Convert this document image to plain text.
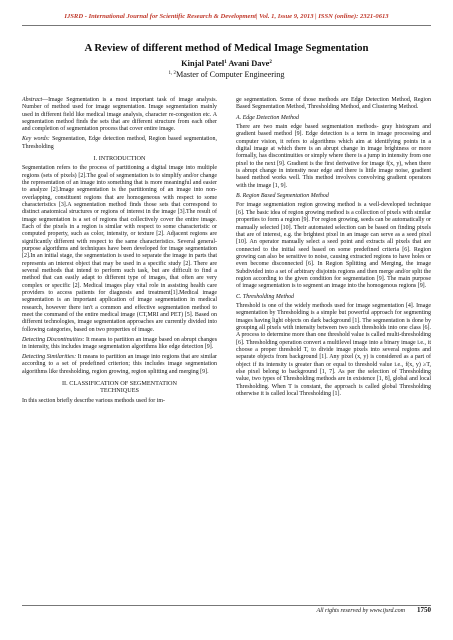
IJSRD - International Journal for Scientific Research & Development| Vol. 1, Issue 9, 2013 | ISSN (online): 2321-0613
A Review of different method of Medical Image Segmentation
Kinjal Patel$^1$ Avani Dave$^2$
$^{1, 2}$Master of Computer Engineering

Abstract—Image Segmentation is a most important task of image analysis. Number of method used for image segmentation. Image segmentation mainly used in different field like medical image analysis, character re-congestion etc. A segmentation method finds the sets that are different structure from each other and completion of segmentation process that cover entire image.

Key words: Segmentation, Edge detection method, Region based segmentation, Thresholding

I. INTRODUCTION

Segmentation refers to the process of partitioning a digital image into multiple regions (sets of pixels) [2].The goal of segmentation is to simplify and/or change the representation of an image into something that is more meaningful and easier to analyze [2].Image segmentation is the partitioning of an image into non-overlapping, constituent regions that are homogeneous with respect to some characteristics [3].A segmentation method finds those sets that correspond to distinct anatomical structures or regions of interest in the image [3].The result of image segmentation is a set of regions that collectively cover the entire image. Each of the pixels in a region is similar with respect to some characteristic or computed property, such as color, intensity, or texture [2]. Adjacent regions are significantly different with respect to the same characteristics. Several general-purpose algorithms and techniques have been developed for image segmentation [2].In an initial stage, the segmentation is used to separate the image in parts that represents an interest object that may be used in a specific study [2]. There are several methods that intend to perform such task, but are difficult to find a method that can easily adapt to different type of images, that often are very complex or specific [2]. Medical images play vital role in assisting health care providers to access patients for diagnosis and treatment[1].Medical image segmentation is an important application of image segmentation in medical research, however there isn't a common and effective segmentation method to meet the command of the entire medical image (CT,MRI and PET) [5]. Based on different technologies, image segmentation approaches are currently divided into following categories, based on two properties of image.

Detecting Discontinuities: It means to partition an image based on abrupt changes in intensity, this includes image segmentation algorithms like edge detection [9].

Detecting Similarities: It means to partition an image into regions that are similar according to a set of predefined criterion; this includes image segmentation algorithms like thresholding, region growing, region splitting and merging [9].

II. CLASSIFICATION OF SEGMENTATION
TECHNIQUES

In this section briefly describe various methods used for im-

ge segmentation. Some of those methods are Edge Detection Method, Region Based Segmentation Method, Thresholding Method, and Clustering Method.

A. Edge Detection Method

There are two main edge based segmentation methods- gray histogram and gradient based method [9]. Edge detection is a term in image processing and computer vision, it refers to algorithms which aim at identifying points in a digital image at which there is an abrupt change in image brightness or more formally, has discontinuities or simply where there is a jump in intensity from one pixel to the next [9]. Gradient is the first derivative for image f(x, y), when there is abrupt change in intensity near edge and there is little image noise, gradient based method works well. This method involves convolving gradient operators with the image [1, 9].

B. Region Based Segmentation Method

For image segmentation region growing method is a well-developed technique [6]. The basic idea of region growing method is a collection of pixels with similar properties to form a region [9]. For region growing, seeds can be automatically or manually selected [10]. Their automated selection can be based on finding pixels that are of interest, e.g. the brightest pixel in an image can serve as a seed pixel [10]. An operator manually select a seed point and extracts all pixels that are connected to the initial seed based on some predefined criteria [6]. Region growing can also be sensitive to noise, causing extracted regions to have holes or even become disconnected [6]. In Region Splitting and Merging, the image Subdivided into a set of arbitrary disjoints regions and then merge and/or split the region according to the given condition for segmentation [9]. The main purpose of image segmentation is to segment an image into the homogenous regions [9].

C. Thresholding Method

Threshold is one of the widely methods used for image segmentation [4]. Image segmentation by Thresholding is a simple but powerful approach for segmenting images having light objects on dark background [1]. The segmentation is done by grouping all pixels with intensity between two such thresholds into one class [6]. A process to determine more than one threshold value is called multi-thresholding [6]. Thresholding operation convert a multilevel image into a binary image i.e., it choose a proper threshold T, to divide image pixels into several regions and separate objects from background [1]. Any pixel (x, y) is considered as a part of object if its intensity is greater than or equal to threshold value i.e., f(x, y) ≥T, else pixel belong to background [1, 7]. As per the selection of Thresholding value, two types of Thresholding methods are in existence [1, 8], global and local Thresholding. When T is constant, the approach is called global Thresholding otherwise it is called local Thresholding [1].

All rights reserved by www.ijsrd.com 1750
